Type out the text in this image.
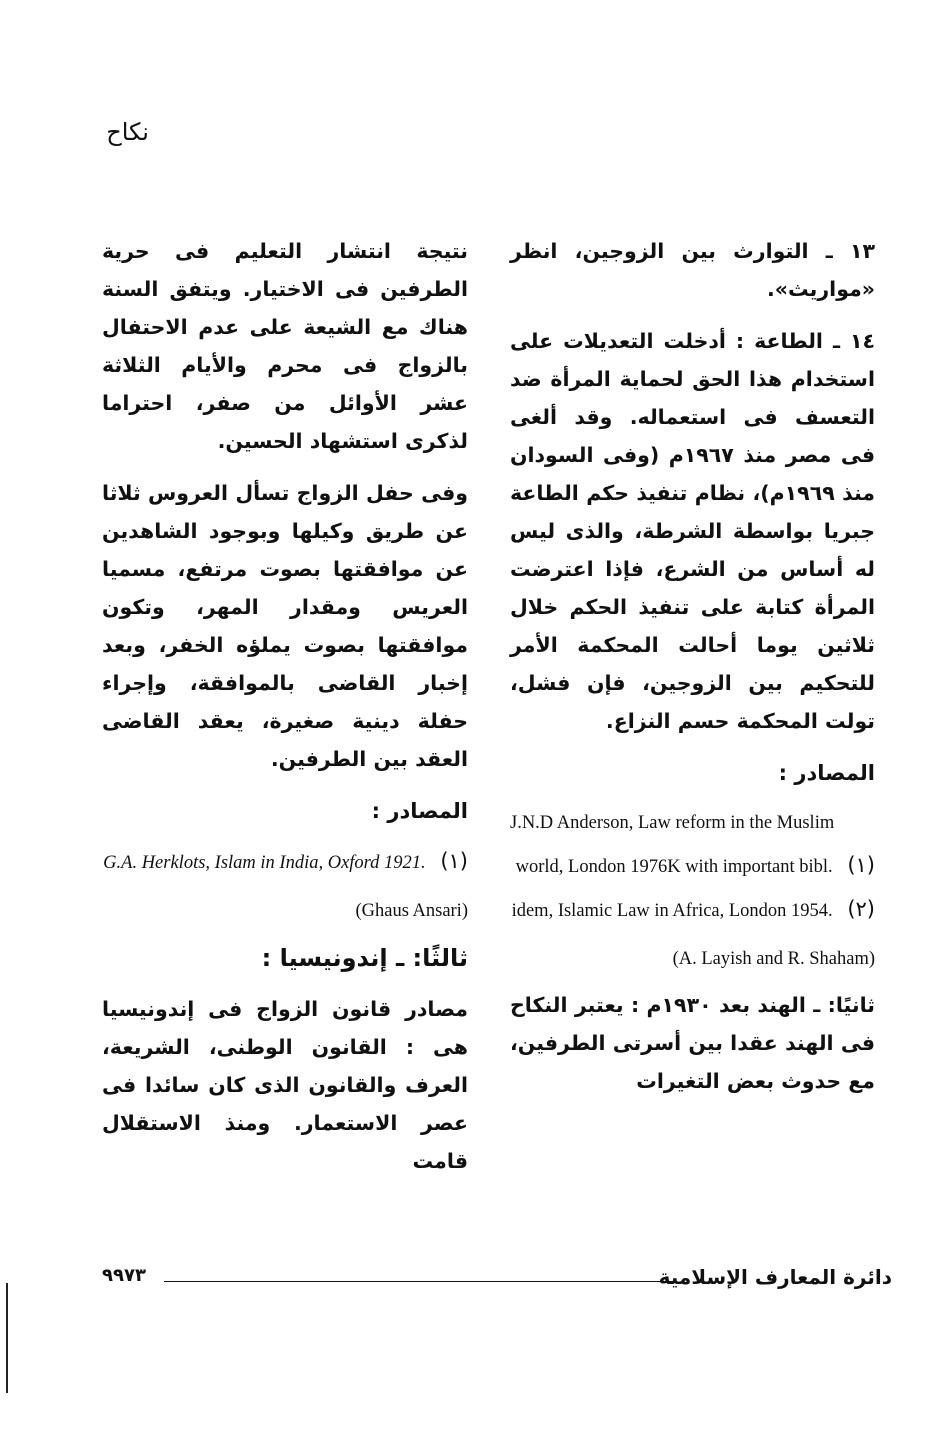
نكاح

١٣ ـ التوارث بين الزوجين، انظر «مواريث».

١٤ ـ الطاعة : أدخلت التعديلات على استخدام هذا الحق لحماية المرأة ضد التعسف فى استعماله. وقد ألغى فى مصر منذ ١٩٦٧م (وفى السودان منذ ١٩٦٩م)، نظام تنفيذ حكم الطاعة جبريا بواسطة الشرطة، والذى ليس له أساس من الشرع، فإذا اعترضت المرأة كتابة على تنفيذ الحكم خلال ثلاثين يوما أحالت المحكمة الأمر للتحكيم بين الزوجين، فإن فشل، تولت المحكمة حسم النزاع.

المصادر :

J.N.D Anderson, Law reform in the Muslim world, London 1976K with important bibl. (١)

idem, Islamic Law in Africa, London 1954. (٢)

(A. Layish and R. Shaham)

ثانيًا: ـ الهند بعد ١٩٣٠م : يعتبر النكاح فى الهند عقدا بين أسرتى الطرفين، مع حدوث بعض التغيرات

نتيجة انتشار التعليم فى حرية الطرفين فى الاختيار. ويتفق السنة هناك مع الشيعة على عدم الاحتفال بالزواج فى محرم والأيام الثلاثة عشر الأوائل من صفر، احتراما لذكرى استشهاد الحسين.

وفى حفل الزواج تسأل العروس ثلاثا عن طريق وكيلها وبوجود الشاهدين عن موافقتها بصوت مرتفع، مسميا العريس ومقدار المهر، وتكون موافقتها بصوت يملؤه الخفر، وبعد إخبار القاضى بالموافقة، وإجراء حفلة دينية صغيرة، يعقد القاضى العقد بين الطرفين.

المصادر :

G.A. Herklots, Islam in India, Oxford 1921. (١)

(Ghaus Ansari)
ثالثًا: ـ إندونيسيا :

مصادر قانون الزواج فى إندونيسيا هى : القانون الوطنى، الشريعة، العرف والقانون الذى كان سائدا فى عصر الاستعمار. ومنذ الاستقلال قامت

٩٩٧٣	دائرة المعارف الإسلامية
